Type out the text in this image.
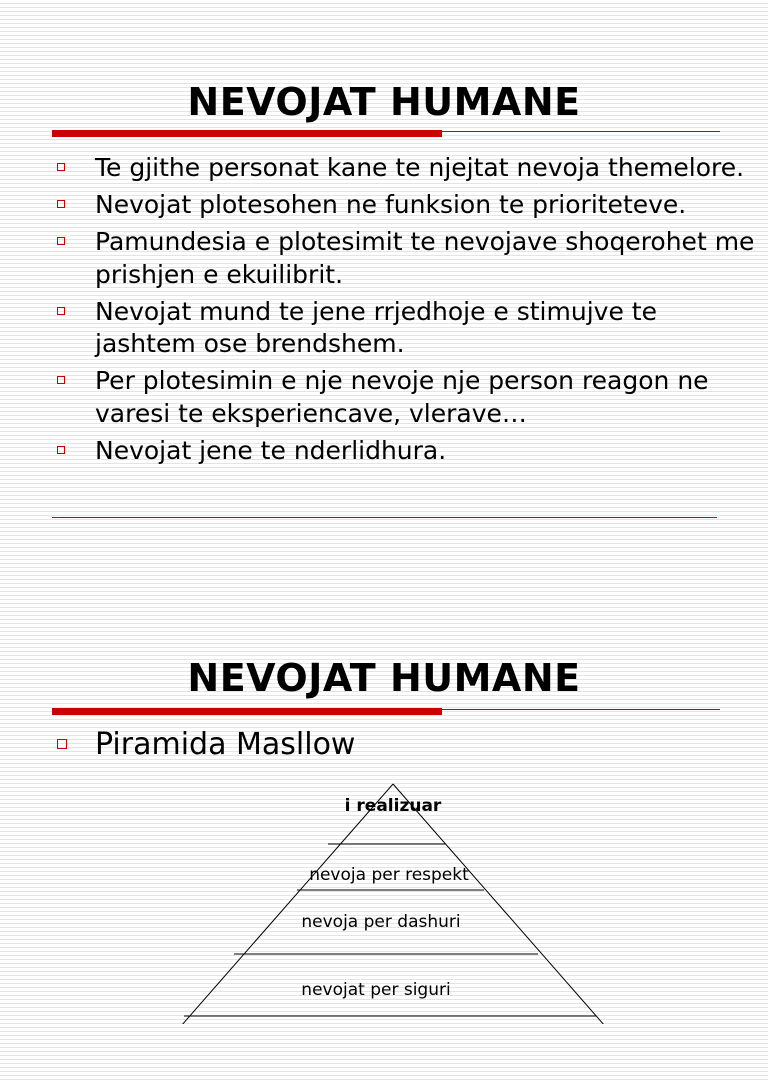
NEVOJAT HUMANE
Te gjithe personat kane te njejtat nevoja themelore.
Nevojat plotesohen ne funksion te prioriteteve.
Pamundesia e plotesimit te nevojave shoqerohet me prishjen e ekuilibrit.
Nevojat mund te jene rrjedhoje e stimujve te jashtem ose brendshem.
Per plotesimin e nje nevoje nje person reagon ne varesi te eksperiencave, vlerave…
Nevojat jene te nderlidhura.
NEVOJAT HUMANE
Piramida Masllow
i realizuar
nevoja per respekt
nevoja per dashuri
nevojat per siguri
